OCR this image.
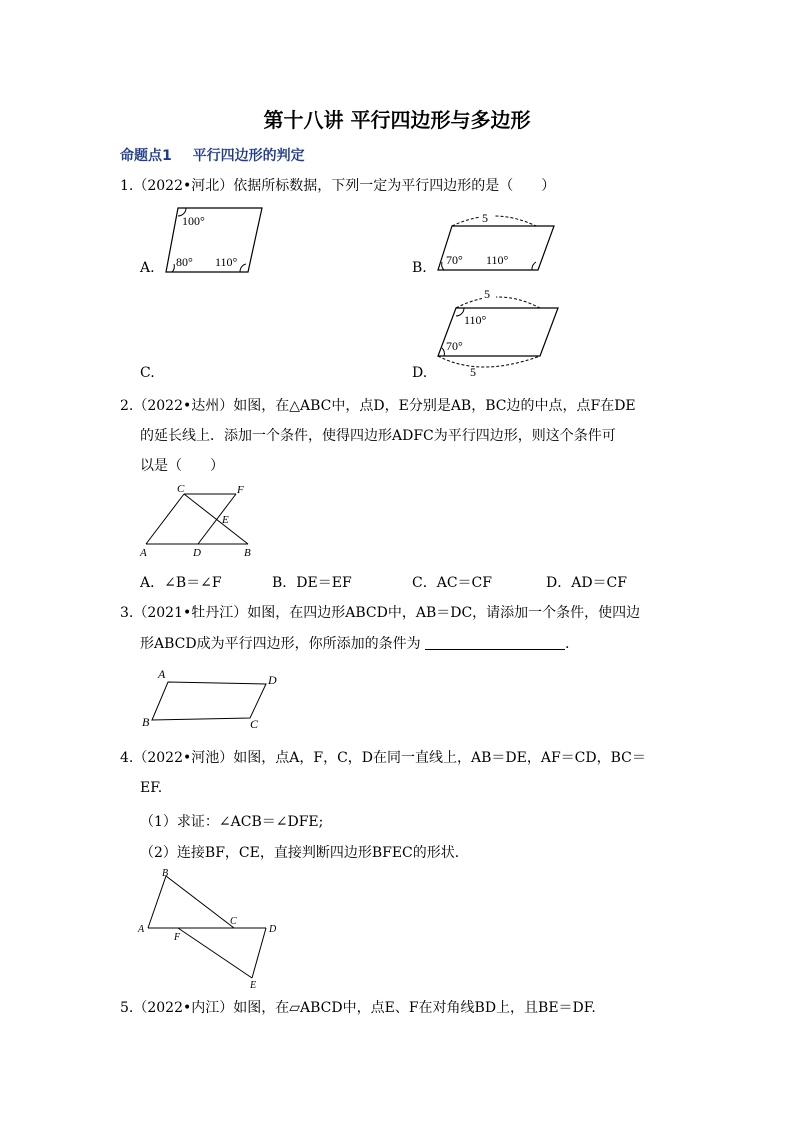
第十八讲 平行四边形与多边形
命题点1 平行四边形的判定
1.（2022•河北）依据所标数据，下列一定为平行四边形的是（　　）
A.
100°
80° 110°	B.
5
70° 110°
5
5
110°
70°
C.	D.
2.（2022•达州）如图，在△ABC中，点D，E分别是AB，BC边的中点，点F在DE
的延长线上．添加一个条件，使得四边形ADFC为平行四边形，则这个条件可
以是（　　）
C	F
E
A	D	B
A．∠B＝∠F	B．DE＝EF	C．AC＝CF	D．AD＝CF
3.（2021•牡丹江）如图，在四边形ABCD中，AB＝DC，请添加一个条件，使四边
形ABCD成为平行四边形，你所添加的条件为	.
A	D
B	C
4.（2022•河池）如图，点A，F，C，D在同一直线上，AB＝DE，AF＝CD，BC＝
EF.
（1）求证：∠ACB＝∠DFE;
（2）连接BF，CE，直接判断四边形BFEC的形状．
B
A
F
C
D
E
5.（2022•内江）如图，在▱ABCD中，点E、F在对角线BD上，且BE＝DF.
